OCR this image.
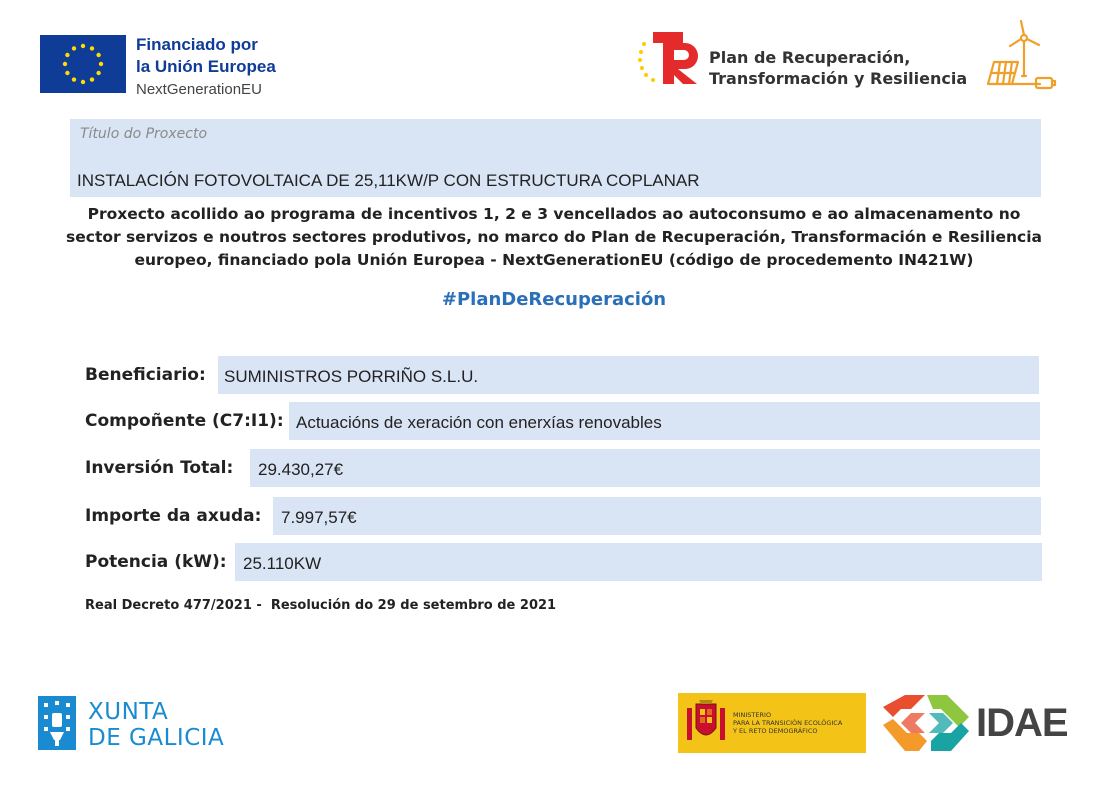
Financiado por
la Unión Europea
NextGenerationEU
Plan de Recuperación,
Transformación y Resiliencia
Título do Proxecto
INSTALACIÓN FOTOVOLTAICA DE 25,11KW/P CON ESTRUCTURA COPLANAR
Proxecto acollido ao programa de incentivos 1, 2 e 3 vencellados ao autoconsumo e ao almacenamento no sector servizos e noutros sectores produtivos, no marco do Plan de Recuperación, Transformación e Resiliencia europeo, financiado pola Unión Europea - NextGenerationEU (código de procedemento IN421W)
#PlanDeRecuperación
Beneficiario: SUMINISTROS PORRIÑO S.L.U.
Compoñente (C7:I1): Actuacións de xeración con enerxías renovables
Inversión Total: 29.430,27€
Importe da axuda: 7.997,57€
Potencia (kW): 25.110KW
Real Decreto 477/2021 -  Resolución do 29 de setembro de 2021
XUNTA
DE GALICIA
MINISTERIO
PARA LA TRANSICIÓN ECOLÓGICA
Y EL RETO DEMOGRÁFICO	IDAE
